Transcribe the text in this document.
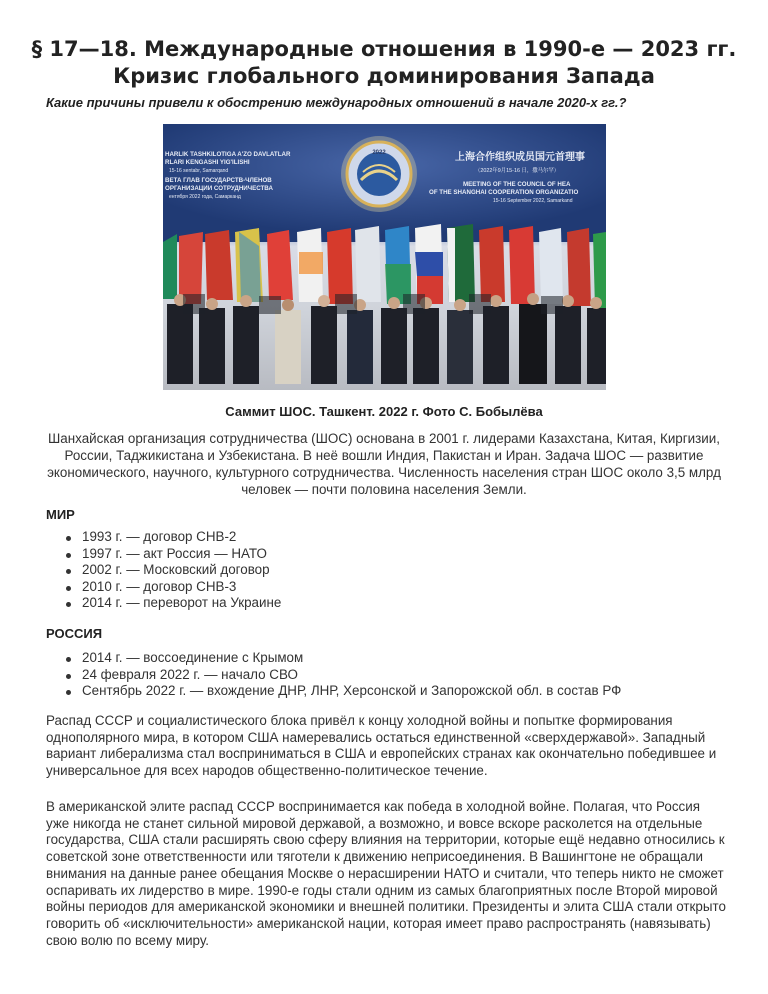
§ 17—18. Международные отношения в 1990-е — 2023 гг.
Кризис глобального доминирования Запада
Какие причины привели к обострению международных отношений в начале 2020-х гг.?
HARLIK TASHKILOTIGA A'ZO DAVLATLAR
RLARI KENGASHI YIG'ILISHI
15-16 sentabr, Samarqand
ВЕТА ГЛАВ ГОСУДАРСТВ-ЧЛЕНОВ
ОРГАНИЗАЦИИ СОТРУДНИЧЕСТВА
ентября 2022 года, Самарканд
上海合作组织成员国元首理事
（2022年9月15-16 日，撒马尔罕）
MEETING OF THE COUNCIL OF HEA
OF THE SHANGHAI COOPERATION ORGANIZATIO
15-16 September 2022, Samarkand
2022
Саммит ШОС. Ташкент. 2022 г. Фото С. Бобылёва
Шанхайская организация сотрудничества (ШОС) основана в 2001 г. лидерами Казахстана, Китая, Киргизии, России, Таджикистана и Узбекистана. В неё вошли Индия, Пакистан и Иран. Задача ШОС — развитие экономического, научного, культурного сотрудничества. Численность населения стран ШОС около 3,5 млрд человек — почти половина населения Земли.
МИР
1993 г. — договор СНВ-2
1997 г. — акт Россия — НАТО
2002 г. — Московский договор
2010 г. — договор СНВ-3
2014 г. — переворот на Украине
РОССИЯ
2014 г. — воссоединение с Крымом
24 февраля 2022 г. — начало СВО
Сентябрь 2022 г. — вхождение ДНР, ЛНР, Херсонской и Запорожской обл. в состав РФ

Распад СССР и социалистического блока привёл к концу холодной войны и попытке формирования однополярного мира, в котором США намеревались остаться единственной «сверхдержавой». Западный вариант либерализма стал восприниматься в США и европейских странах как окончательно победившее и универсальное для всех народов общественно-политическое течение.

В американской элите распад СССР воспринимается как победа в холодной войне. Полагая, что Россия уже никогда не станет сильной мировой державой, а возможно, и вовсе вскоре расколется на отдельные государства, США стали расширять свою сферу влияния на территории, которые ещё недавно относились к советской зоне ответственности или тяготели к движению неприсоединения. В Вашингтоне не обращали внимания на данные ранее обещания Москве о нерасширении НАТО и считали, что теперь никто не сможет оспаривать их лидерство в мире. 1990-е годы стали одним из самых благоприятных после Второй мировой войны периодов для американской экономики и внешней политики. Президенты и элита США стали открыто говорить об «исключительности» американской нации, которая имеет право распространять (навязывать) свою волю по всему миру.
